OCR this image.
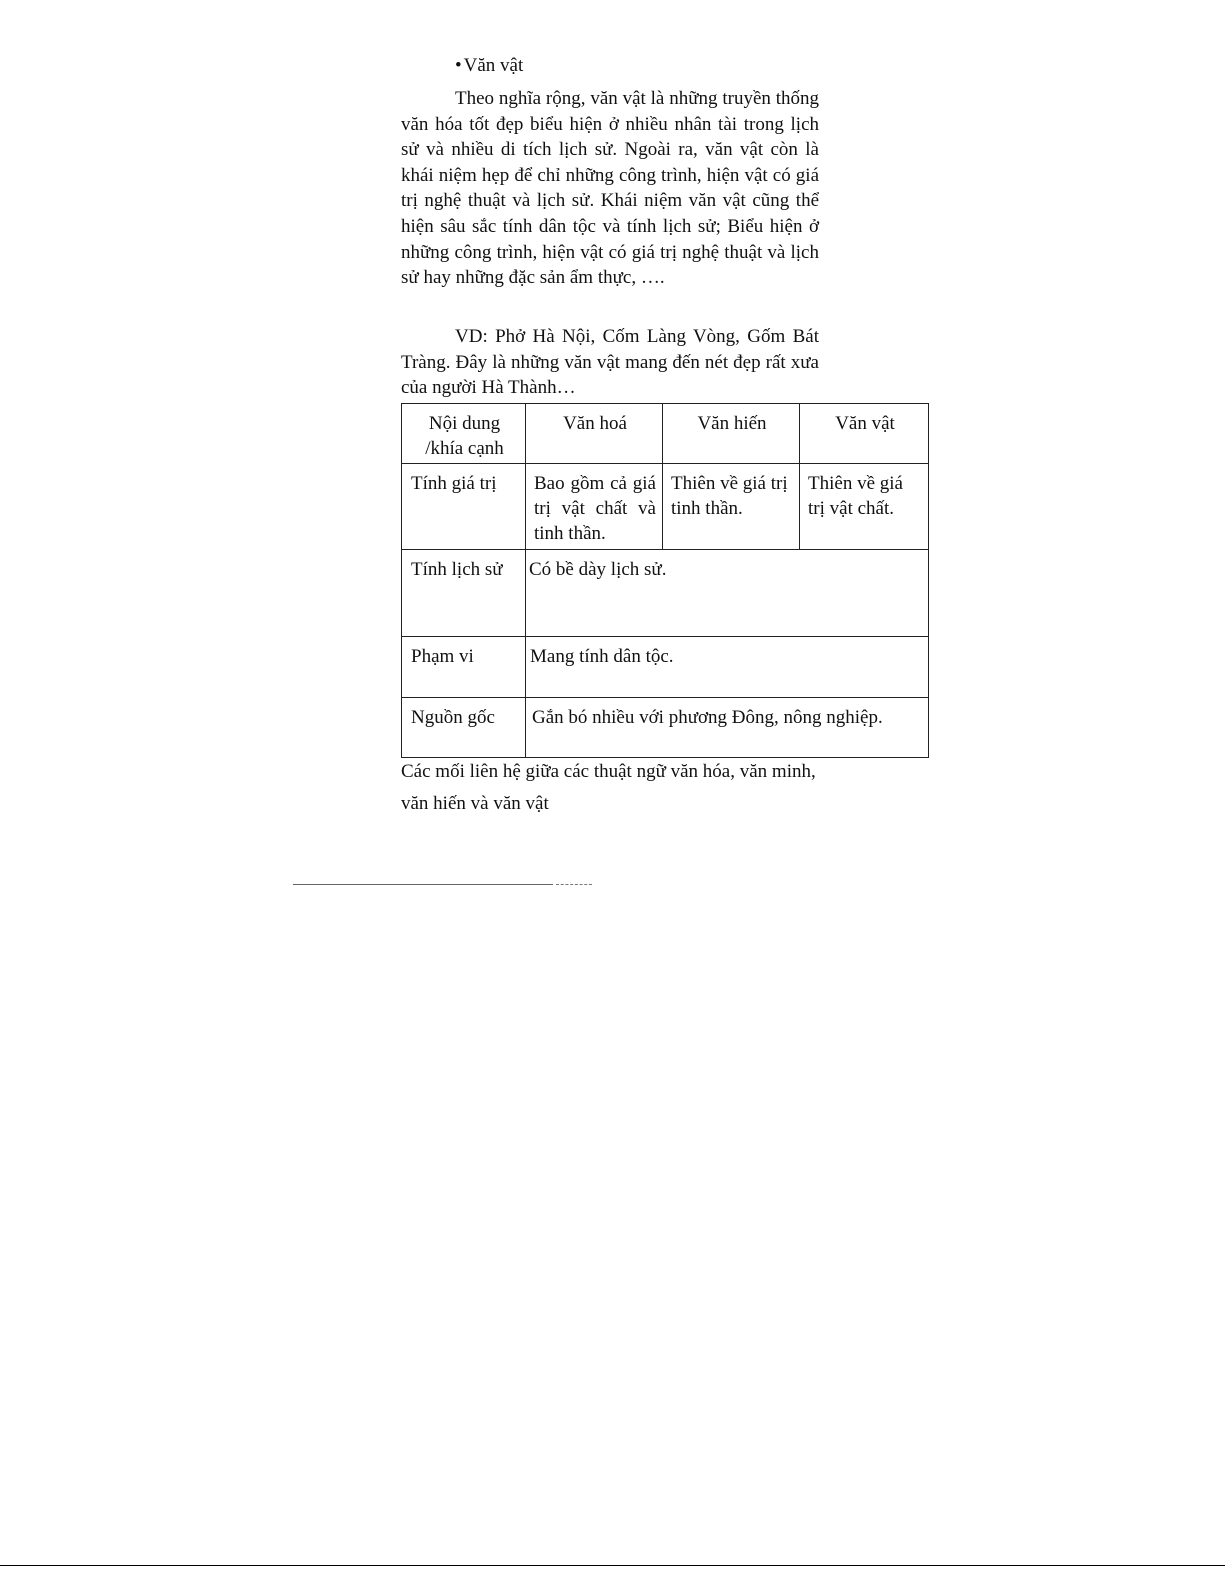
• Văn vật

Theo nghĩa rộng, văn vật là những truyền thống văn hóa tốt đẹp biểu hiện ở nhiều nhân tài trong lịch sử và nhiều di tích lịch sử. Ngoài ra, văn vật còn là khái niệm hẹp để chỉ những công trình, hiện vật có giá trị nghệ thuật và lịch sử. Khái niệm văn vật cũng thể hiện sâu sắc tính dân tộc và tính lịch sử; Biểu hiện ở những công trình, hiện vật có giá trị nghệ thuật và lịch sử hay những đặc sản ẩm thực, ….

VD: Phở Hà Nội, Cốm Làng Vòng, Gốm Bát Tràng. Đây là những văn vật mang đến nét đẹp rất xưa của người Hà Thành…

Nội dung /khía cạnh	Văn hoá	Văn hiến	Văn vật
Tính giá trị	Bao gồm cả giá trị vật chất và tinh thần.	Thiên về giá trị tinh thần.	Thiên về giá trị vật chất.
Tính lịch sử	Có bề dày lịch sử.		
Phạm vi	Mang tính dân tộc.		
Nguồn gốc	Gắn bó nhiều với phương Đông, nông nghiệp.		
Các mối liên hệ giữa các thuật ngữ văn hóa, văn minh, văn hiến và văn vật
